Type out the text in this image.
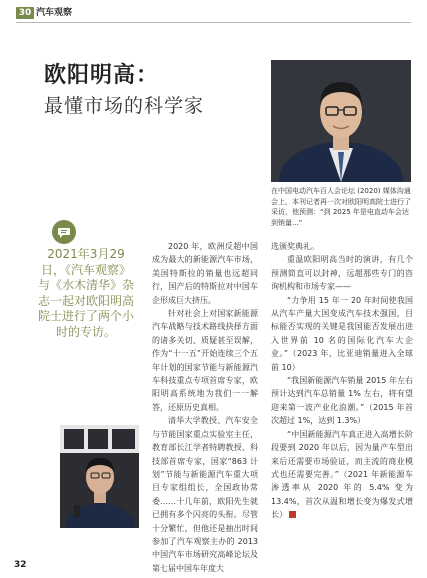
30 汽车观察
欧阳明高：
最懂市场的科学家
在中国电动汽车百人会论坛 (2020) 媒体沟通会上，本刊记者再一次对欧阳明高院士进行了采访，他预测：“到 2025 年是电直动车会达到销量...”
2021年3月29日，《汽车观察》与《水木清华》杂志一起对欧阳明高院士进行了两个小时的专访。

2020 年，欧洲反超中国成为最大的新能源汽车市场，美国特斯拉的销量也远超同行，国产后的特斯拉对中国车企形成巨大挤压。

针对社会上对国家新能源汽车战略与技术路线抉择方面的诸多关切、质疑甚至误解，作为“十一五”开始连续三个五年计划的国家节能与新能源汽车科技重点专项首席专家，欧阳明高系统地为我们一一解答，还原历史真相。

清华大学教授、汽车安全与节能国家重点实验室主任，教育部长江学者特聘教授、科技部首席专家，国家“863 计划”节能与新能源汽车重大项目专家组组长，全国政协常委……十几年前，欧阳先生就已拥有多个闪亮的头衔。尽管十分繁忙，但他还是抽出时间参加了汽车观察主办的 2013 中国汽车市场研究高峰论坛及第七届中国车年度大

选颁奖典礼。

重温欧阳明高当时的演讲，有几个预测简直可以封神，远超那些专门的咨询机构和市场专家——

“力争用 15 年一 20 年时间使我国从汽车产量大国变成汽车技术强国，目标能否实现的关键是我国能否发展出进入世界前 10 名的国际化汽车大企业。”（2023 年，比亚迪销量进入全球前 10）

“我国新能源汽车销量 2015 年左右预计达到汽车总销量 1% 左右，将有望迎来第一波产业化浪潮。”（2015 年首次超过 1%，达到 1.3%）

“中国新能源汽车真正进入高增长阶段要到 2020 年以后，因为量产车型出来后还需要市场验证，而主流的商业模式也还需要完善。”（2021 年新能源车渗透率从 2020 年的 5.4% 变为 13.4%，首次从温和增长变为爆发式增长）

32
